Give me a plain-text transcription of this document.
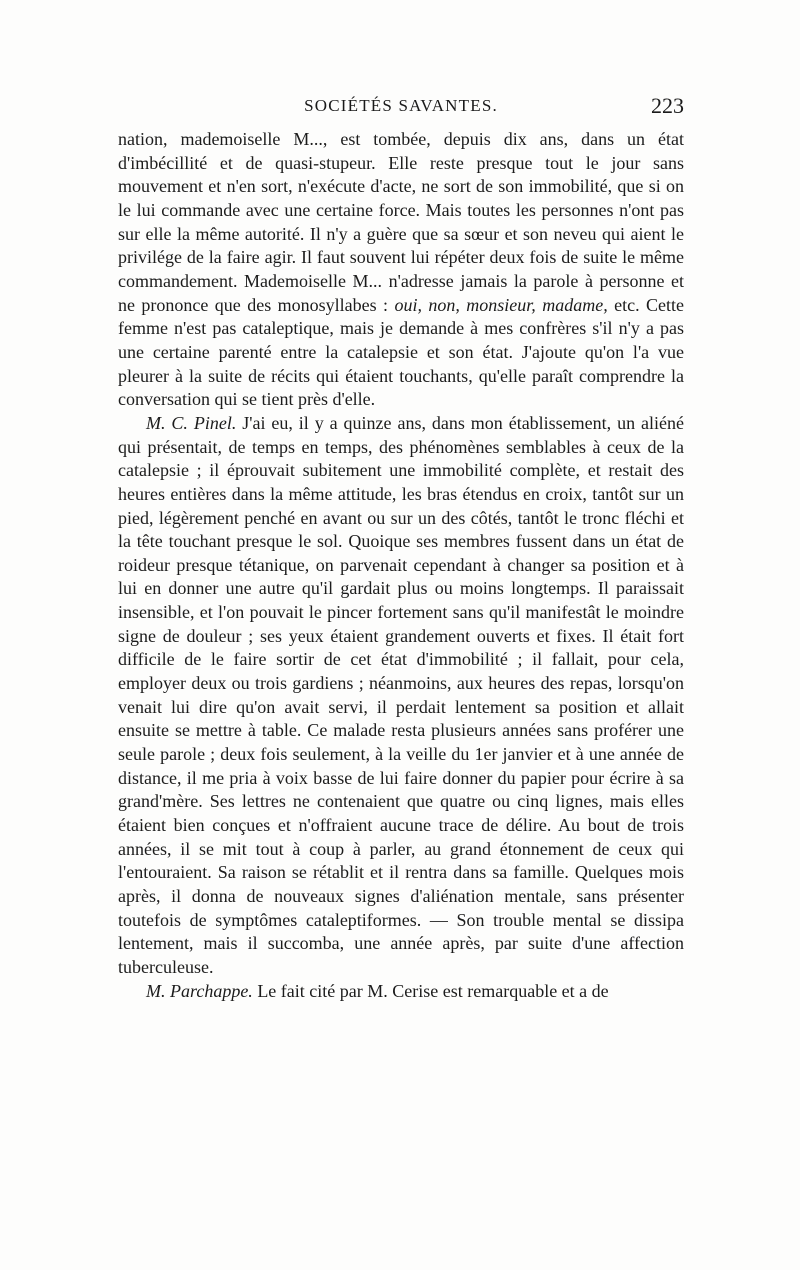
SOCIÉTÉS SAVANTES.	223

nation, mademoiselle M..., est tombée, depuis dix ans, dans un état d'imbécillité et de quasi-stupeur. Elle reste presque tout le jour sans mouvement et n'en sort, n'exécute d'acte, ne sort de son immobilité, que si on le lui commande avec une certaine force. Mais toutes les personnes n'ont pas sur elle la même autorité. Il n'y a guère que sa sœur et son neveu qui aient le privilége de la faire agir. Il faut souvent lui répéter deux fois de suite le même commandement. Mademoiselle M... n'adresse jamais la parole à personne et ne prononce que des monosyllabes : oui, non, monsieur, madame, etc. Cette femme n'est pas cataleptique, mais je demande à mes confrères s'il n'y a pas une certaine parenté entre la catalepsie et son état. J'ajoute qu'on l'a vue pleurer à la suite de récits qui étaient touchants, qu'elle paraît comprendre la conversation qui se tient près d'elle.

M. C. Pinel. J'ai eu, il y a quinze ans, dans mon établissement, un aliéné qui présentait, de temps en temps, des phénomènes semblables à ceux de la catalepsie ; il éprouvait subitement une immobilité complète, et restait des heures entières dans la même attitude, les bras étendus en croix, tantôt sur un pied, légèrement penché en avant ou sur un des côtés, tantôt le tronc fléchi et la tête touchant presque le sol. Quoique ses membres fussent dans un état de roideur presque tétanique, on parvenait cependant à changer sa position et à lui en donner une autre qu'il gardait plus ou moins longtemps. Il paraissait insensible, et l'on pouvait le pincer fortement sans qu'il manifestât le moindre signe de douleur ; ses yeux étaient grandement ouverts et fixes. Il était fort difficile de le faire sortir de cet état d'immobilité ; il fallait, pour cela, employer deux ou trois gardiens ; néanmoins, aux heures des repas, lorsqu'on venait lui dire qu'on avait servi, il perdait lentement sa position et allait ensuite se mettre à table. Ce malade resta plusieurs années sans proférer une seule parole ; deux fois seulement, à la veille du 1er janvier et à une année de distance, il me pria à voix basse de lui faire donner du papier pour écrire à sa grand'mère. Ses lettres ne contenaient que quatre ou cinq lignes, mais elles étaient bien conçues et n'offraient aucune trace de délire. Au bout de trois années, il se mit tout à coup à parler, au grand étonnement de ceux qui l'entouraient. Sa raison se rétablit et il rentra dans sa famille. Quelques mois après, il donna de nouveaux signes d'aliénation mentale, sans présenter toutefois de symptômes cataleptiformes. — Son trouble mental se dissipa lentement, mais il succomba, une année après, par suite d'une affection tuberculeuse.

M. Parchappe. Le fait cité par M. Cerise est remarquable et a de
